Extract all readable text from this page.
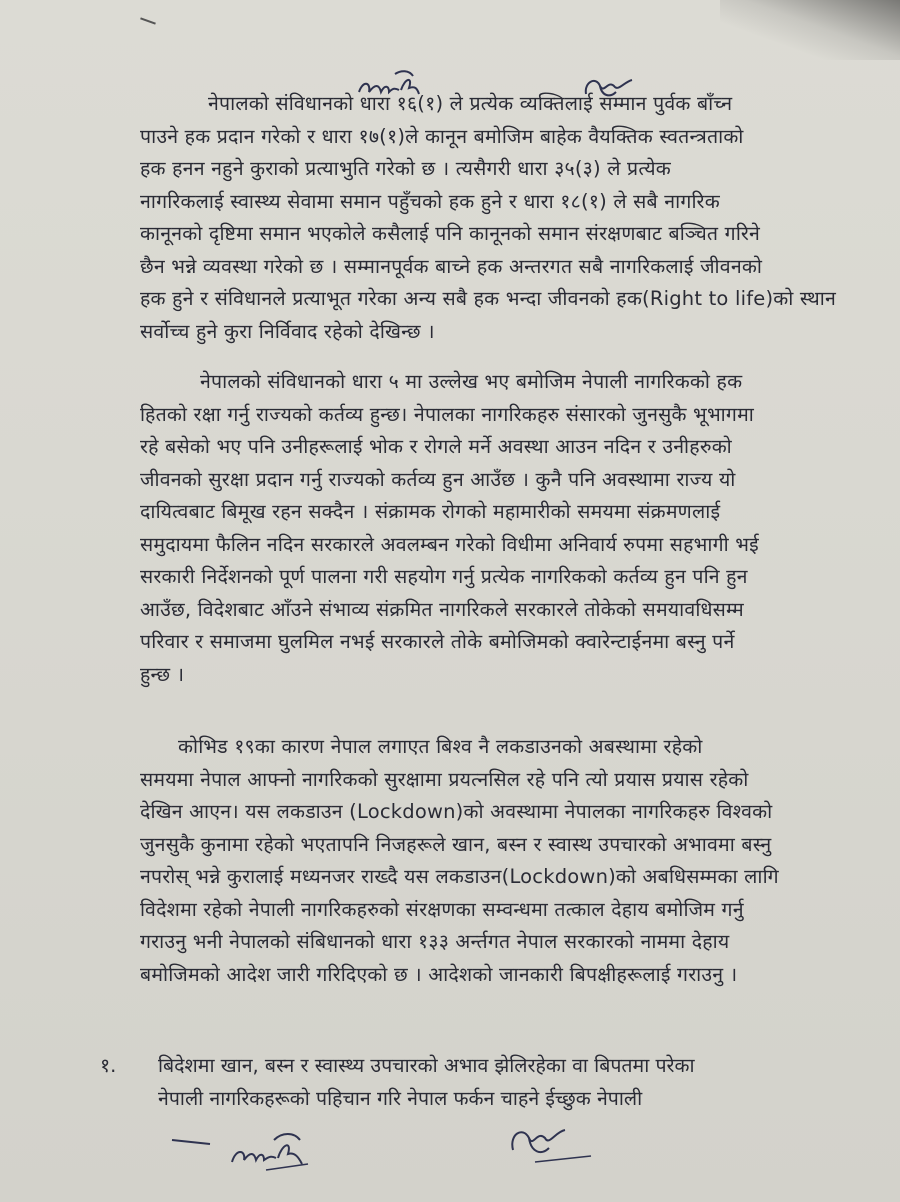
नेपालको संविधानको धारा १६(१) ले प्रत्येक व्यक्तिलाई सम्मान पुर्वक बाँच्न
पाउने हक प्रदान गरेको र धारा १७(१)ले कानून बमोजिम बाहेक वैयक्तिक स्वतन्त्रताको
हक हनन नहुने कुराको प्रत्याभुति गरेको छ । त्यसैगरी धारा ३५(३) ले प्रत्येक
नागरिकलाई स्वास्थ्य सेवामा समान पहुँचको हक हुने र धारा १८(१) ले सबै नागरिक
कानूनको दृष्टिमा समान भएकोले कसैलाई पनि कानूनको समान संरक्षणबाट बञ्चित गरिने
छैन भन्ने व्यवस्था गरेको छ । सम्मानपूर्वक बाच्ने हक अन्तरगत सबै नागरिकलाई जीवनको
हक हुने र संविधानले प्रत्याभूत गरेका अन्य सबै हक भन्दा जीवनको हक(Right to life)को स्थान
सर्वोच्च हुने कुरा निर्विवाद रहेको देखिन्छ ।
नेपालको संविधानको धारा ५ मा उल्लेख भए बमोजिम नेपाली नागरिकको हक
हितको रक्षा गर्नु राज्यको कर्तव्य हुन्छ। नेपालका नागरिकहरु संसारको जुनसुकै भूभागमा
रहे बसेको भए पनि उनीहरूलाई भोक र रोगले मर्ने अवस्था आउन नदिन र उनीहरुको
जीवनको सुरक्षा प्रदान गर्नु राज्यको कर्तव्य हुन आउँछ । कुनै पनि अवस्थामा राज्य यो
दायित्वबाट बिमूख रहन सक्दैन । संक्रामक रोगको महामारीको समयमा संक्रमणलाई
समुदायमा फैलिन नदिन सरकारले अवलम्बन गरेको विधीमा अनिवार्य रुपमा सहभागी भई
सरकारी निर्देशनको पूर्ण पालना गरी सहयोग गर्नु प्रत्येक नागरिकको कर्तव्य हुन पनि हुन
आउँछ, विदेशबाट आँउने संभाव्य संक्रमित नागरिकले सरकारले तोकेको समयावधिसम्म
परिवार र समाजमा घुलमिल नभई सरकारले तोके बमोजिमको क्वारेन्टाईनमा बस्नु पर्ने
हुन्छ ।
कोभिड १९का कारण नेपाल लगाएत बिश्व नै लकडाउनको अबस्थामा रहेको
समयमा नेपाल आफ्नो नागरिकको सुरक्षामा प्रयत्नसिल रहे पनि त्यो प्रयास प्रयास रहेको
देखिन आएन। यस लकडाउन (Lockdown)को अवस्थामा नेपालका नागरिकहरु विश्वको
जुनसुकै कुनामा रहेको भएतापनि निजहरूले खान, बस्न र स्वास्थ उपचारको अभावमा बस्नु
नपरोस् भन्ने कुरालाई मध्यनजर राख्दै यस लकडाउन(Lockdown)को अबधिसम्मका लागि
विदेशमा रहेको नेपाली नागरिकहरुको संरक्षणका सम्वन्धमा तत्काल देहाय बमोजिम गर्नु
गराउनु भनी नेपालको संबिधानको धारा १३३ अर्न्तगत नेपाल सरकारको नाममा देहाय
बमोजिमको आदेश जारी गरिदिएको छ । आदेशको जानकारी बिपक्षीहरूलाई गराउनु ।
१. बिदेशमा खान, बस्न र स्वास्थ्य उपचारको अभाव झेलिरहेका वा बिपतमा परेका
नेपाली नागरिकहरूको पहिचान गरि नेपाल फर्कन चाहने ईच्छुक नेपाली
